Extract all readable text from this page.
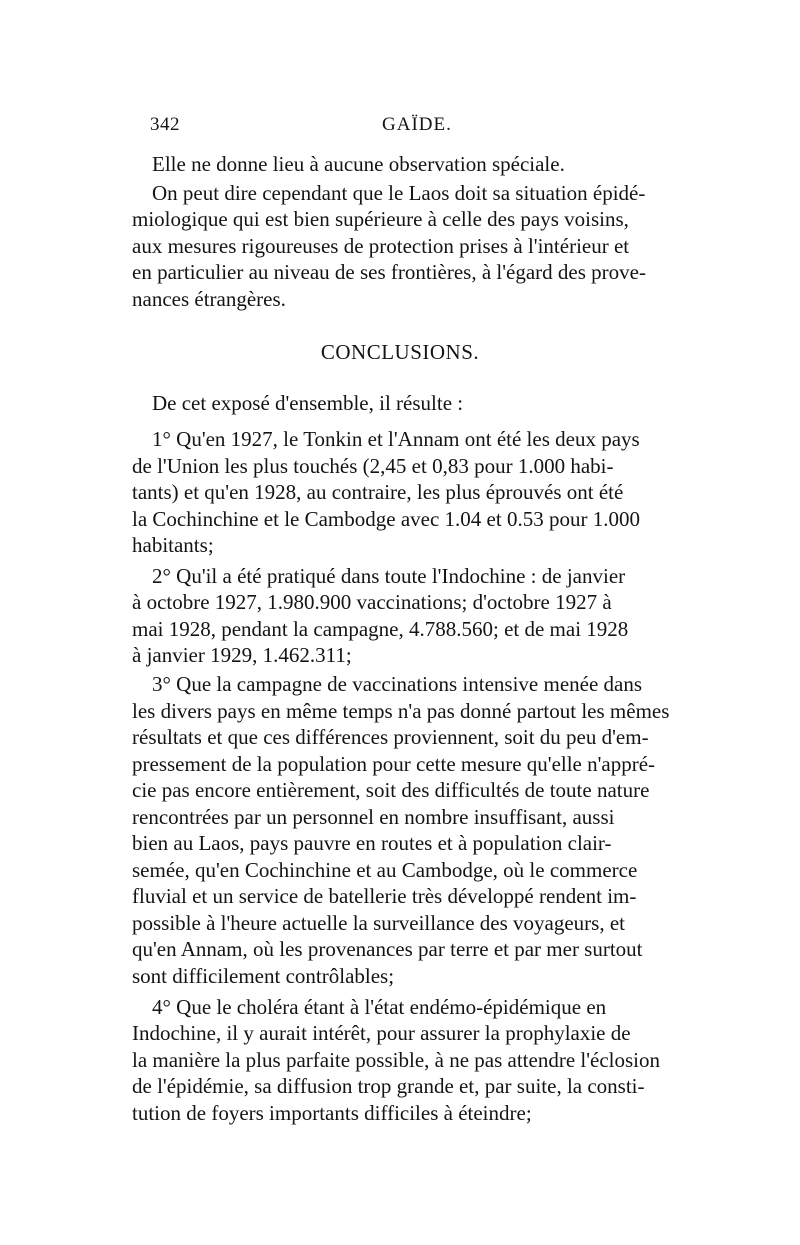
342	GAÏDE.
Elle ne donne lieu à aucune observation spéciale.
On peut dire cependant que le Laos doit sa situation épidé-
miologique qui est bien supérieure à celle des pays voisins,
aux mesures rigoureuses de protection prises à l'intérieur et
en particulier au niveau de ses frontières, à l'égard des prove-
nances étrangères.
CONCLUSIONS.
De cet exposé d'ensemble, il résulte :
1° Qu'en 1927, le Tonkin et l'Annam ont été les deux pays
de l'Union les plus touchés (2,45 et 0,83 pour 1.000 habi-
tants) et qu'en 1928, au contraire, les plus éprouvés ont été
la Cochinchine et le Cambodge avec 1.04 et 0.53 pour 1.000
habitants;
2° Qu'il a été pratiqué dans toute l'Indochine : de janvier
à octobre 1927, 1.980.900 vaccinations; d'octobre 1927 à
mai 1928, pendant la campagne, 4.788.560; et de mai 1928
à janvier 1929, 1.462.311;
3° Que la campagne de vaccinations intensive menée dans
les divers pays en même temps n'a pas donné partout les mêmes
résultats et que ces différences proviennent, soit du peu d'em-
pressement de la population pour cette mesure qu'elle n'appré-
cie pas encore entièrement, soit des difficultés de toute nature
rencontrées par un personnel en nombre insuffisant, aussi
bien au Laos, pays pauvre en routes et à population clair-
semée, qu'en Cochinchine et au Cambodge, où le commerce
fluvial et un service de batellerie très développé rendent im-
possible à l'heure actuelle la surveillance des voyageurs, et
qu'en Annam, où les provenances par terre et par mer surtout
sont difficilement contrôlables;
4° Que le choléra étant à l'état endémo-épidémique en
Indochine, il y aurait intérêt, pour assurer la prophylaxie de
la manière la plus parfaite possible, à ne pas attendre l'éclosion
de l'épidémie, sa diffusion trop grande et, par suite, la consti-
tution de foyers importants difficiles à éteindre;
